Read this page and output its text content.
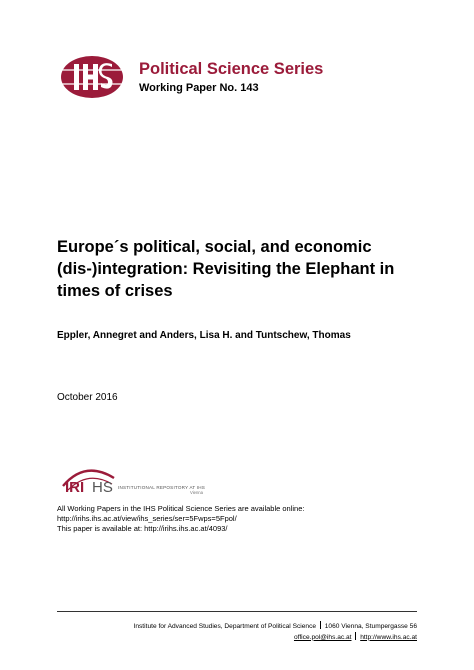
Political Science Series
Working Paper No. 143
Europe´s political, social, and economic (dis-)integration: Revisiting the Elephant in times of crises
Eppler, Annegret and Anders, Lisa H. and Tuntschew, Thomas
October 2016
IRI HS INSTITUTIONAL REPOSITORY AT IHS
Vienna
All Working Papers in the IHS Political Science Series are available online:
http://irihs.ihs.ac.at/view/ihs_series/ser=5Fwps=5Fpol/
This paper is available at: http://irihs.ihs.ac.at/4093/
Institute for Advanced Studies, Department of Political Science 1060 Vienna, Stumpergasse 56
office.pol@ihs.ac.at http://www.ihs.ac.at
